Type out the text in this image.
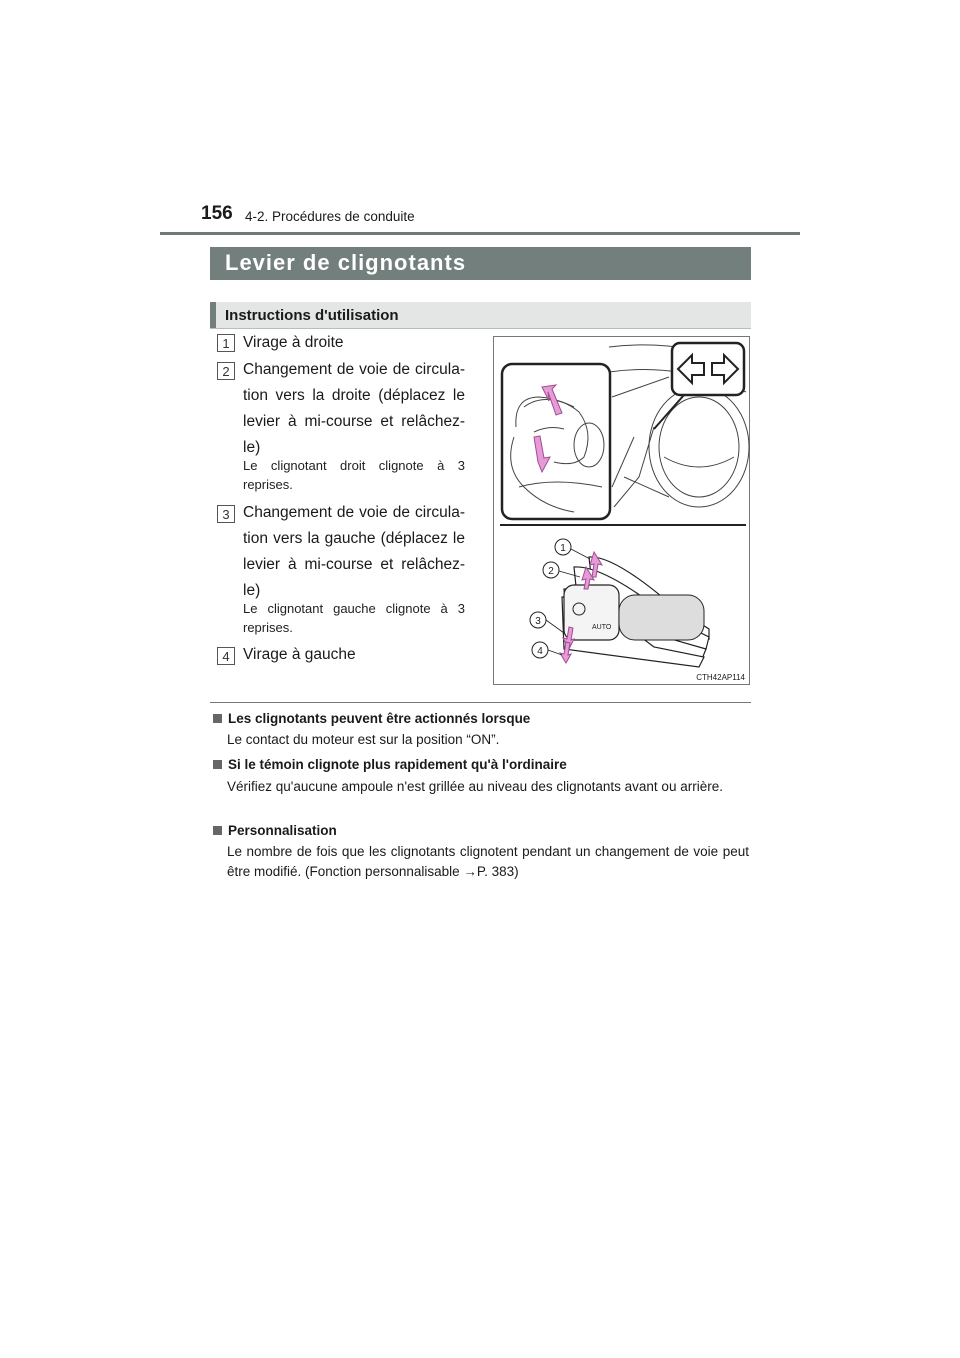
156 4-2. Procédures de conduite
Levier de clignotants
Instructions d'utilisation
1 Virage à droite
2 Changement de voie de circula-tion vers la droite (déplacez le levier à mi-course et relâchez-le)
Le clignotant droit clignote à 3 reprises.
3 Changement de voie de circula-tion vers la gauche (déplacez le levier à mi-course et relâchez-le)
Le clignotant gauche clignote à 3 reprises.
4 Virage à gauche
AUTO
1
2
3
4
CTH42AP114
Les clignotants peuvent être actionnés lorsque
Le contact du moteur est sur la position “ON”.
Si le témoin clignote plus rapidement qu'à l'ordinaire
Vérifiez qu'aucune ampoule n'est grillée au niveau des clignotants avant ou arrière.
Personnalisation
Le nombre de fois que les clignotants clignotent pendant un changement de voie peut être modifié. (Fonction personnalisable →P. 383)
